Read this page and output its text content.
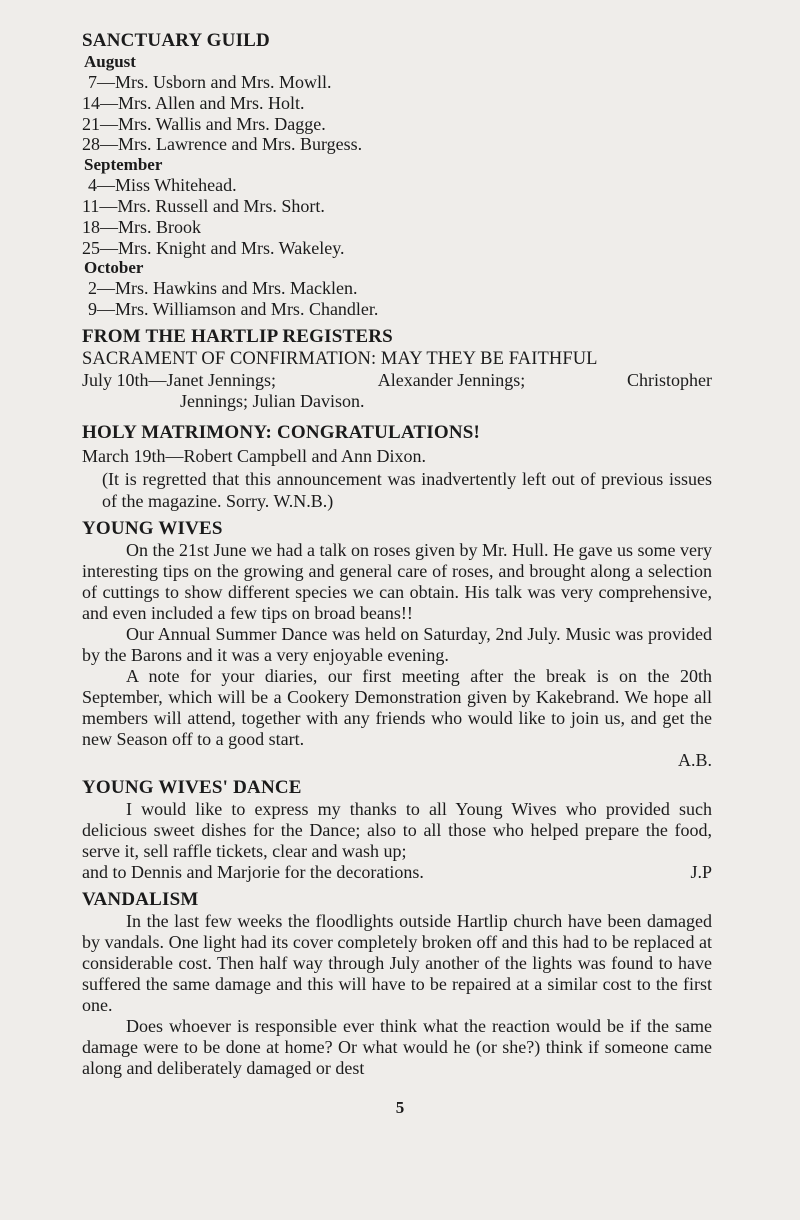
SANCTUARY GUILD
August
7—Mrs. Usborn and Mrs. Mowll.
14—Mrs. Allen and Mrs. Holt.
21—Mrs. Wallis and Mrs. Dagge.
28—Mrs. Lawrence and Mrs. Burgess.
September
4—Miss Whitehead.
11—Mrs. Russell and Mrs. Short.
18—Mrs. Brook
25—Mrs. Knight and Mrs. Wakeley.
October
2—Mrs. Hawkins and Mrs. Macklen.
9—Mrs. Williamson and Mrs. Chandler.
FROM THE HARTLIP REGISTERS
SACRAMENT OF CONFIRMATION: MAY THEY BE FAITHFUL
July 10th—Janet Jennings;	Alexander Jennings;	Christopher
Jennings; Julian Davison.
HOLY MATRIMONY: CONGRATULATIONS!
March 19th—Robert Campbell and Ann Dixon.

(It is regretted that this announcement was inadvertently left out of previous issues of the magazine. Sorry. W.N.B.)

YOUNG WIVES

On the 21st June we had a talk on roses given by Mr. Hull. He gave us some very interesting tips on the growing and general care of roses, and brought along a selection of cuttings to show different species we can obtain. His talk was very comprehensive, and even included a few tips on broad beans!!

Our Annual Summer Dance was held on Saturday, 2nd July. Music was provided by the Barons and it was a very enjoyable evening.

A note for your diaries, our first meeting after the break is on the 20th September, which will be a Cookery Demonstration given by Kakebrand. We hope all members will attend, together with any friends who would like to join us, and get the new Season off to a good start.

A.B.
YOUNG WIVES' DANCE

I would like to express my thanks to all Young Wives who provided such delicious sweet dishes for the Dance; also to all those who helped prepare the food, serve it, sell raffle tickets, clear and wash up;

and to Dennis and Marjorie for the decorations.	J.P
VANDALISM

In the last few weeks the floodlights outside Hartlip church have been damaged by vandals. One light had its cover completely broken off and this had to be replaced at considerable cost. Then half way through July another of the lights was found to have suffered the same damage and this will have to be repaired at a similar cost to the first one.

Does whoever is responsible ever think what the reaction would be if the same damage were to be done at home? Or what would he (or she?) think if someone came along and deliberately damaged or dest

5
